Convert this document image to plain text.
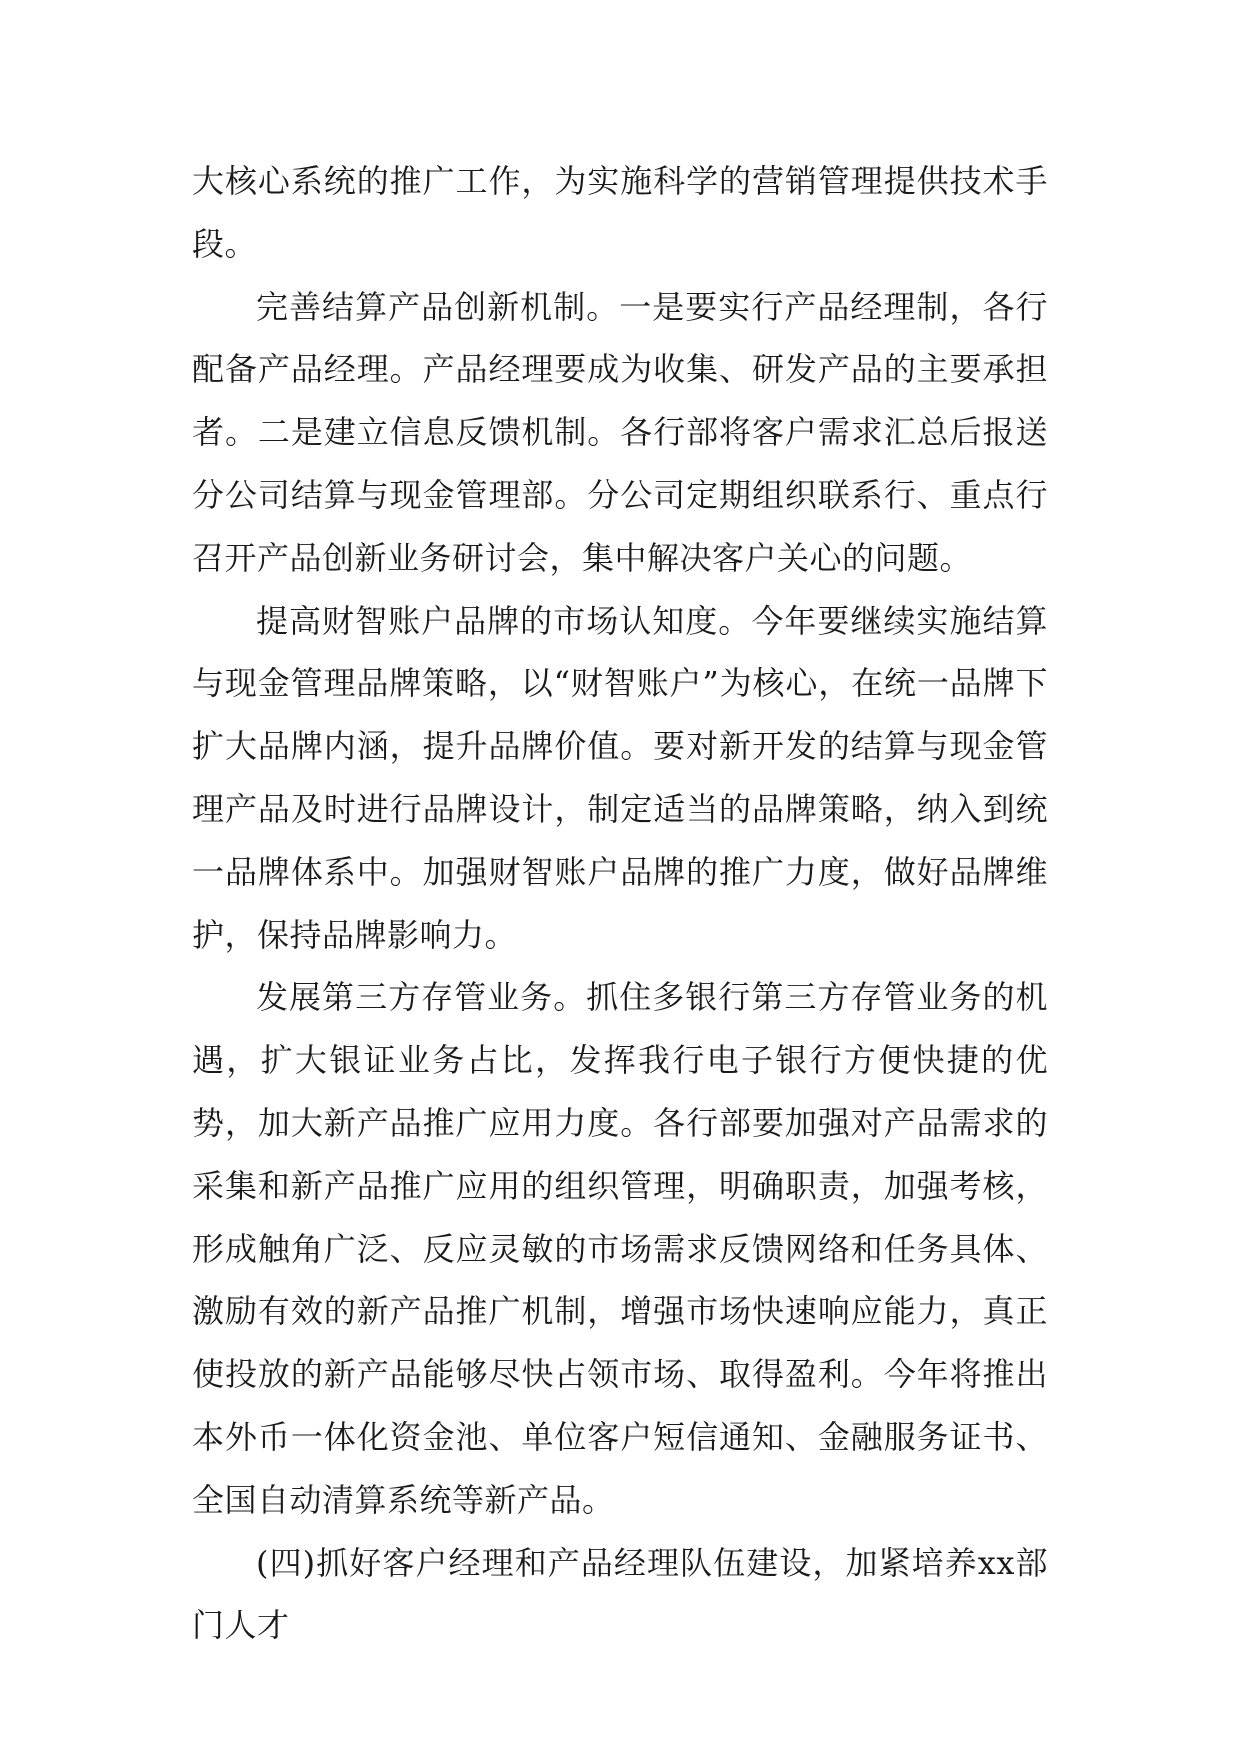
大核心系统的推广工作，为实施科学的营销管理提供技术手段。

完善结算产品创新机制。一是要实行产品经理制，各行配备产品经理。产品经理要成为收集、研发产品的主要承担者。二是建立信息反馈机制。各行部将客户需求汇总后报送分公司结算与现金管理部。分公司定期组织联系行、重点行召开产品创新业务研讨会，集中解决客户关心的问题。

提高财智账户品牌的市场认知度。今年要继续实施结算与现金管理品牌策略，以“财智账户”为核心，在统一品牌下扩大品牌内涵，提升品牌价值。要对新开发的结算与现金管理产品及时进行品牌设计，制定适当的品牌策略，纳入到统一品牌体系中。加强财智账户品牌的推广力度，做好品牌维护，保持品牌影响力。

发展第三方存管业务。抓住多银行第三方存管业务的机遇，扩大银证业务占比，发挥我行电子银行方便快捷的优势，加大新产品推广应用力度。各行部要加强对产品需求的采集和新产品推广应用的组织管理，明确职责，加强考核，形成触角广泛、反应灵敏的市场需求反馈网络和任务具体、激励有效的新产品推广机制，增强市场快速响应能力，真正使投放的新产品能够尽快占领市场、取得盈利。今年将推出本外币一体化资金池、单位客户短信通知、金融服务证书、全国自动清算系统等新产品。

(四)抓好客户经理和产品经理队伍建设，加紧培养xx部门人才
